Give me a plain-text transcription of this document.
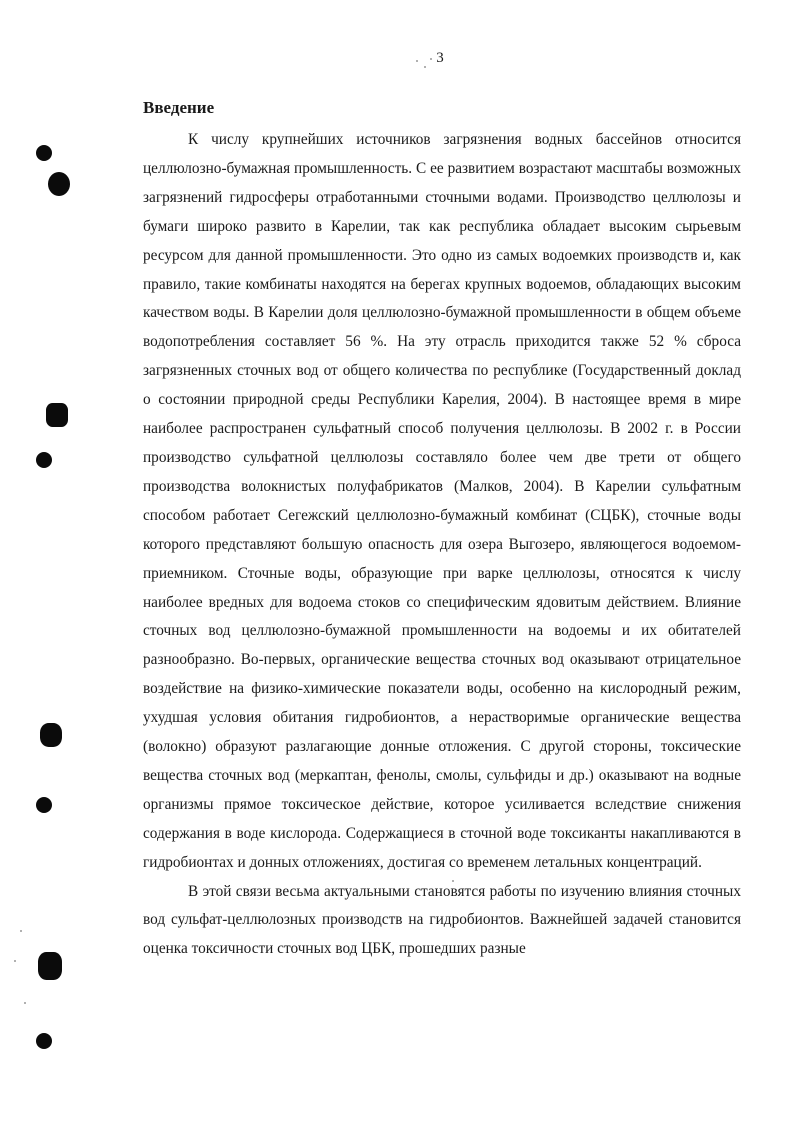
3
Введение

К числу крупнейших источников загрязнения водных бассейнов относится целлюлозно-бумажная промышленность. С ее развитием возрастают масштабы возможных загрязнений гидросферы отработанными сточными водами. Производство целлюлозы и бумаги широко развито в Карелии, так как республика обладает высоким сырьевым ресурсом для данной промышленности. Это одно из самых водоемких производств и, как правило, такие комбинаты находятся на берегах крупных водоемов, обладающих высоким качеством воды. В Карелии доля целлюлозно-бумажной промышленности в общем объеме водопотребления составляет 56 %. На эту отрасль приходится также 52 % сброса загрязненных сточных вод от общего количества по республике (Государственный доклад о состоянии природной среды Республики Карелия, 2004). В настоящее время в мире наиболее распространен сульфатный способ получения целлюлозы. В 2002 г. в России производство сульфатной целлюлозы составляло более чем две трети от общего производства волокнистых полуфабрикатов (Малков, 2004). В Карелии сульфатным способом работает Сегежский целлюлозно-бумажный комбинат (СЦБК), сточные воды которого представляют большую опасность для озера Выгозеро, являющегося водоемом-приемником. Сточные воды, образующие при варке целлюлозы, относятся к числу наиболее вредных для водоема стоков со специфическим ядовитым действием. Влияние сточных вод целлюлозно-бумажной промышленности на водоемы и их обитателей разнообразно. Во-первых, органические вещества сточных вод оказывают отрицательное воздействие на физико-химические показатели воды, особенно на кислородный режим, ухудшая условия обитания гидробионтов, а нерастворимые органические вещества (волокно) образуют разлагающие донные отложения. С другой стороны, токсические вещества сточных вод (меркаптан, фенолы, смолы, сульфиды и др.) оказывают на водные организмы прямое токсическое действие, которое усиливается вследствие снижения содержания в воде кислорода. Содержащиеся в сточной воде токсиканты накапливаются в гидробионтах и донных отложениях, достигая со временем летальных концентраций.

В этой связи весьма актуальными становятся работы по изучению влияния сточных вод сульфат-целлюлозных производств на гидробионтов. Важнейшей задачей становится оценка токсичности сточных вод ЦБК, прошедших разные
